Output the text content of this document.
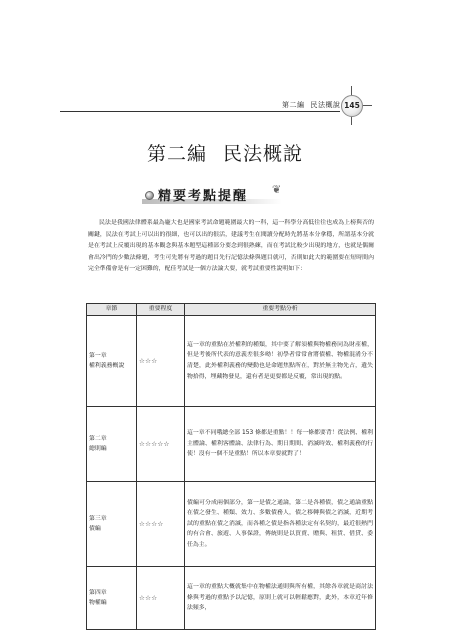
第二編 民法概說 145
第二編 民法概說
精要考點提醒 ❦
民法是我國法律體系最為龐大也是國家考試命題範圍最大的一科，這一科學分高低往往也成為上榜與否的關鍵，民法在考試上可以出的很細，也可以出的很活，建議考生在閱讀分配時先將基本分拿穩，所謂基本分就是在考試上反覆出現的基本觀念與基本題型這種部分要念到很熟練，而在考試比較少出現的地方，也就是偶爾會出冷門的少數法條題，考生可先將有考過的題目先行記憶法條與題目就可，否則如此大的範圍要在短時間內完全準備會是有一定困難的，配佳考試是一個方法論大要，就考試重要性說明如下：
章節	重要程度	重要考點分析
第一章
權利義務概說	☆☆☆	這一章的重點在於權利的種類，其中要了解須權與物權務同為財產權，但是考後所代表的意義差很多呦！初學者常常會將債權、物權混淆分不清楚，此外權利義務的變動也是命題焦點所在，對於無主物先占，遺失物拾得，埋藏物發見，還有者是更要都是反覆，常出現的點。
第二章
總則編	☆☆☆☆☆	這一章不同哦總全部 153 條都是重點！！每一條都要背！從法例、權利主體論、權利客體論、法律行為、期日期間、消滅時效、權利義務的行使！沒有一個不是重點！所以本章要就對了！
第三章
債編	☆☆☆☆	債編可分成兩個部分，第一是債之通論，第二是各種債，債之通論重點在債之發生、種類、效力、多數債務人，債之移轉與債之消滅，近期考試的重點在債之消滅，而各種之債是指各種法定有名契約，最近很熱門的有合會、旅遊、人事保證，傳統則是以買賣、贈與、租賃、借貸、委任為主。
第四章
物權編	☆☆☆	這一章的重點大概就集中在物權法通則與所有權，其餘各章就是商討法條與考過的重點予以記憶，原則上就可以輕鬆應對，此外，本章近年修法頻多，
